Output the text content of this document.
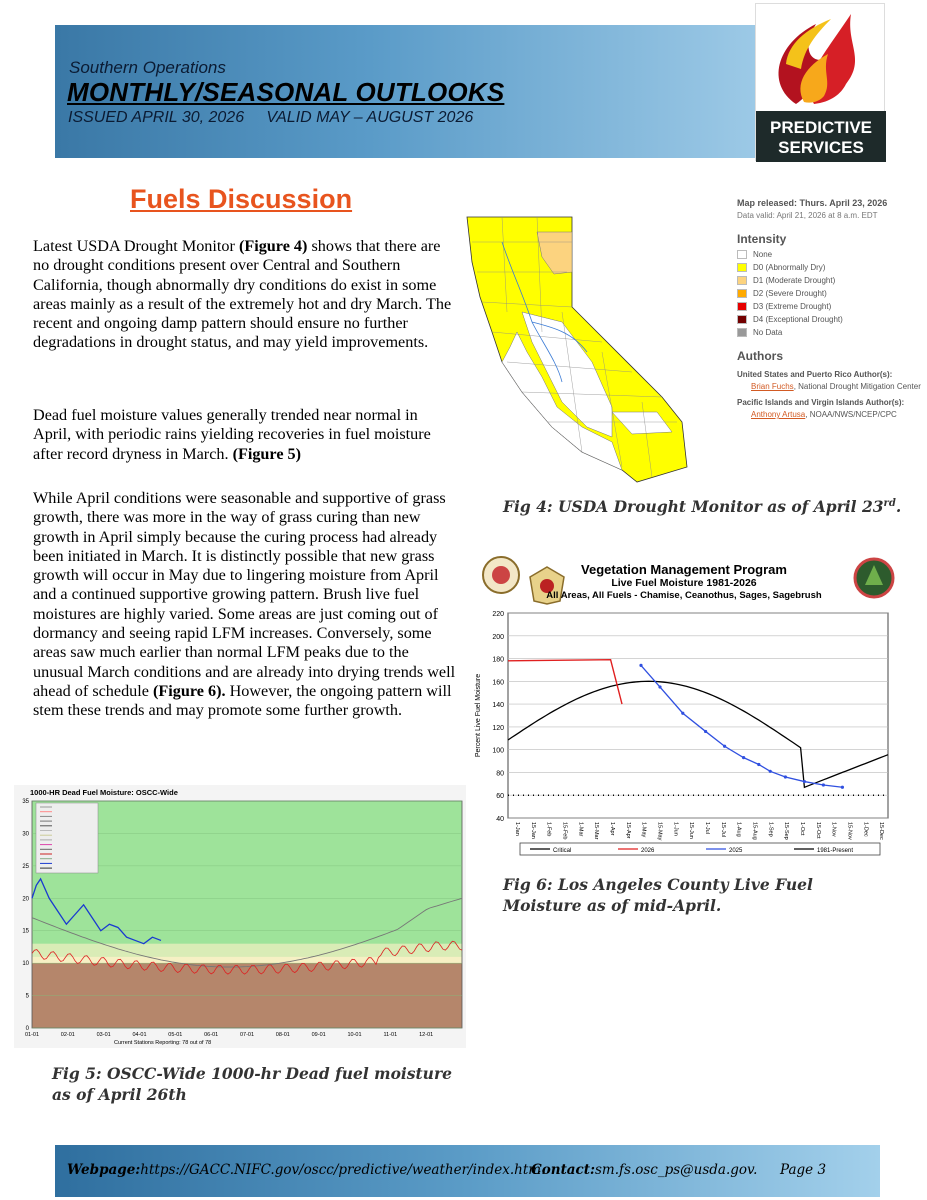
Southern Operations
MONTHLY/SEASONAL OUTLOOKS
ISSUED APRIL 30, 2026     VALID MAY – AUGUST 2026
PREDICTIVE
SERVICES
Fuels Discussion
Latest USDA Drought Monitor (Figure 4) shows that there are no drought conditions present over Central and Southern California, though abnormally dry conditions do exist in some areas mainly as a result of the extremely hot and dry March. The recent and ongoing damp pattern should ensure no further degradations in drought status, and may yield improvements.
Dead fuel moisture values generally trended near normal in April, with periodic rains yielding recoveries in fuel moisture after record dryness in March. (Figure 5)
While April conditions were seasonable and supportive of grass growth, there was more in the way of grass curing than new growth in April simply because the curing process had already been initiated in March. It is distinctly possible that new grass growth will occur in May due to lingering moisture from April and a continued supportive growing pattern. Brush live fuel moistures are highly varied. Some areas are just coming out of dormancy and seeing rapid LFM increases. Conversely, some areas saw much earlier than normal LFM peaks due to the unusual March conditions and are already into drying trends well ahead of schedule (Figure 6). However, the ongoing pattern will stem these trends and may promote some further growth.
Map released: Thurs. April 23, 2026
Data valid: April 21, 2026 at 8 a.m. EDT
Intensity
None
D0 (Abnormally Dry)
D1 (Moderate Drought)
D2 (Severe Drought)
D3 (Extreme Drought)
D4 (Exceptional Drought)
No Data
Authors
United States and Puerto Rico Author(s):
Brian Fuchs, National Drought Mitigation Center
Pacific Islands and Virgin Islands Author(s):
Anthony Artusa, NOAA/NWS/NCEP/CPC
Fig 4: USDA Drought Monitor as of April 23rd.
Vegetation Management Program
Live Fuel Moisture 1981-2026
All Areas, All Fuels - Chamise, Ceanothus, Sages, Sagebrush
40
60
80
100
120
140
160
180
200
220
1-Jan 15-Jan 1-Feb 15-Feb 1-Mar 15-Mar 1-Apr 15-Apr 1-May 15-May 1-Jun 15-Jun 1-Jul 15-Jul 1-Aug 15-Aug 1-Sep 15-Sep 1-Oct 15-Oct 1-Nov 15-Nov 1-Dec 15-Dec
Percent Live Fuel Moisture
Critical	2026	2025	1981-Present
Fig 6: Los Angeles County Live Fuel Moisture as of mid-April.
1000-HR Dead Fuel Moisture: OSCC-Wide
0
5
10
15
20
25
30
35
01-01	02-01	03-01	04-01	05-01	06-01	07-01	08-01	09-01	10-01	11-01	12-01
Current Stations Reporting: 78 out of 78
Fig 5: OSCC-Wide 1000-hr Dead fuel moisture as of April 26th
Webpage:https://GACC.NIFC.gov/oscc/predictive/weather/index.htm.
Contact:sm.fs.osc_ps@usda.gov. Page 3
